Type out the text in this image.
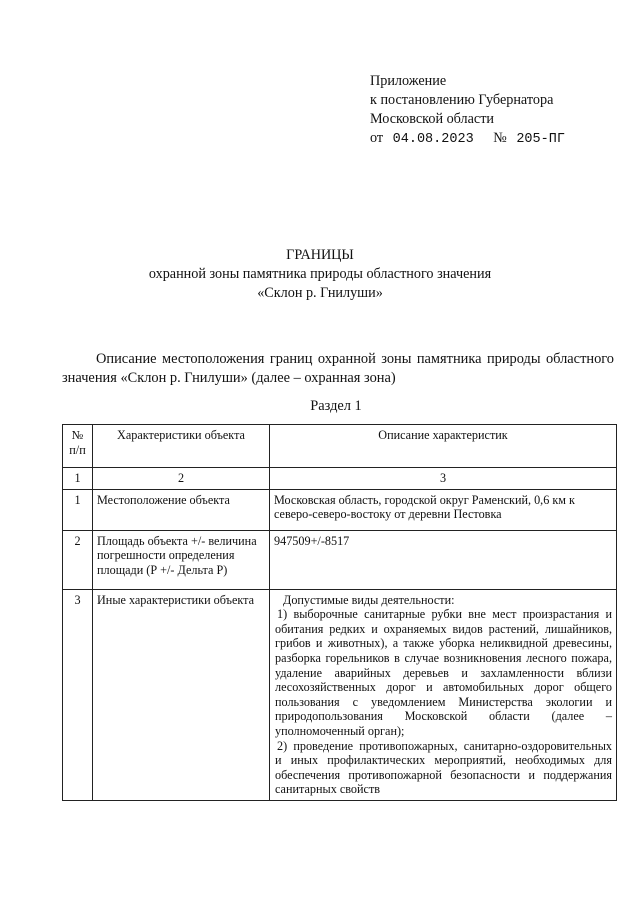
Приложение
к постановлению Губернатора
Московской области
от 04.08.2023 № 205-ПГ
ГРАНИЦЫ
охранной зоны памятника природы областного значения
«Склон р. Гнилуши»
Описание местоположения границ охранной зоны памятника природы областного значения «Склон р. Гнилуши» (далее – охранная зона)
Раздел 1
№ п/п	Характеристики объекта	Описание характеристик
1	2	3
1	Местоположение объекта	Московская область, городской округ Раменский, 0,6 км к северо-северо-востоку от деревни Пестовка
2	Площадь объекта +/- величина погрешности определения площади (Р +/- Дельта Р)	947509+/-8517
3	Иные характеристики объекта	Допустимые виды деятельности:

1) выборочные санитарные рубки вне мест произрастания и обитания редких и охраняемых видов растений, лишайников, грибов и животных), а также уборка неликвидной древесины, разборка горельников в случае возникновения лесного пожара, удаление аварийных деревьев и захламленности вблизи лесохозяйственных дорог и автомобильных дорог общего пользования с уведомлением Министерства экологии и природопользования Московской области (далее – уполномоченный орган);

2) проведение противопожарных, санитарно-оздоровительных и иных профилактических мероприятий, необходимых для обеспечения противопожарной безопасности и поддержания санитарных свойств
